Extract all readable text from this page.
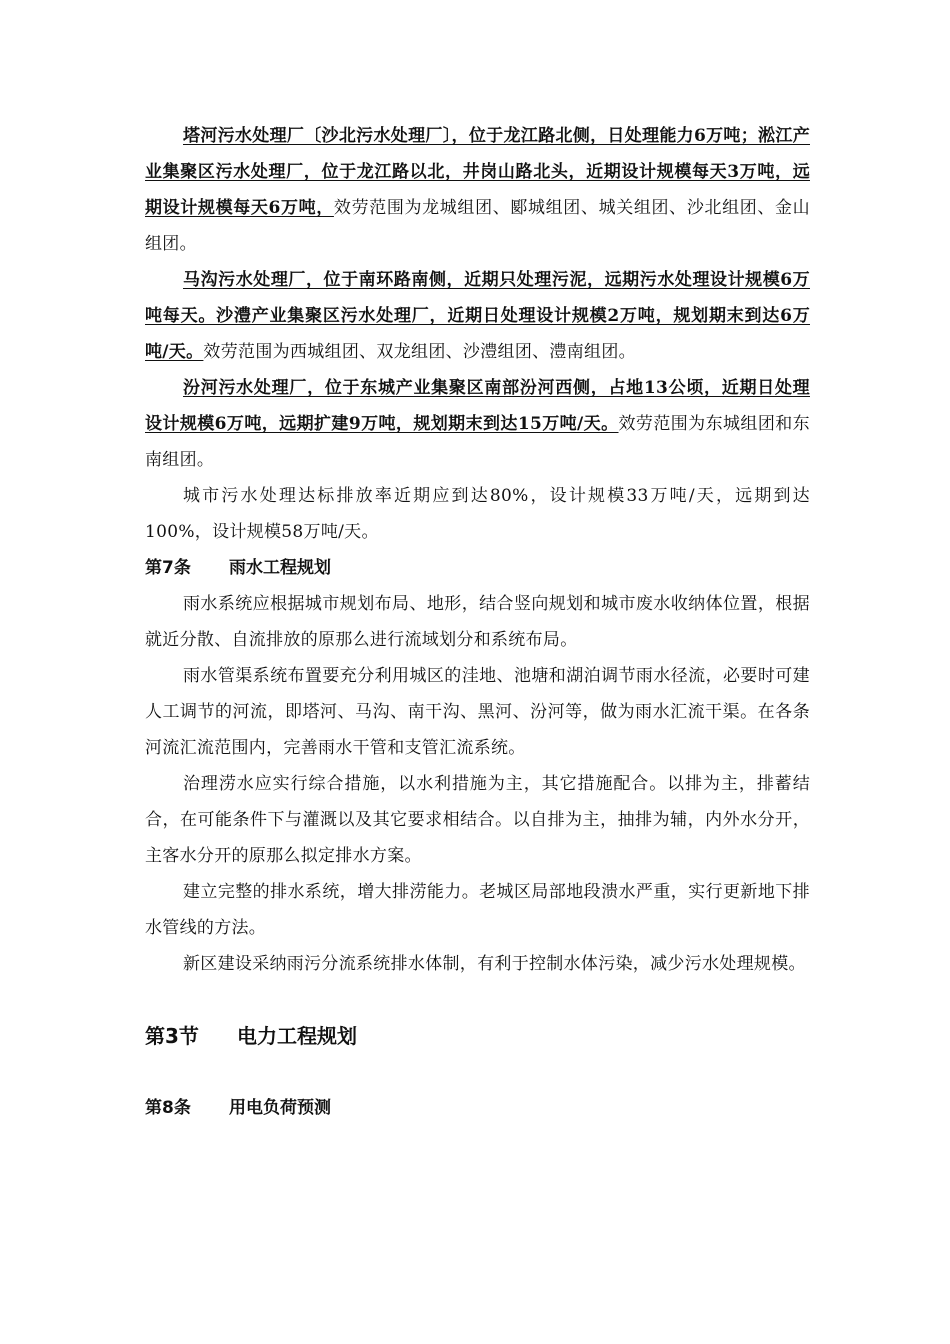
塔河污水处理厂〔沙北污水处理厂〕，位于龙江路北侧，日处理能力6万吨；淞江产业集聚区污水处理厂，位于龙江路以北，井岗山路北头，近期设计规模每天3万吨，远期设计规模每天6万吨，效劳范围为龙城组团、郾城组团、城关组团、沙北组团、金山组团。

马沟污水处理厂，位于南环路南侧，近期只处理污泥，远期污水处理设计规模6万吨每天。沙澧产业集聚区污水处理厂，近期日处理设计规模2万吨，规划期末到达6万吨/天。效劳范围为西城组团、双龙组团、沙澧组团、澧南组团。

汾河污水处理厂，位于东城产业集聚区南部汾河西侧，占地13公顷，近期日处理设计规模6万吨，远期扩建9万吨，规划期末到达15万吨/天。效劳范围为东城组团和东南组团。

城市污水处理达标排放率近期应到达80%，设计规模33万吨/天，远期到达100%，设计规模58万吨/天。

第7条 雨水工程规划

雨水系统应根据城市规划布局、地形，结合竖向规划和城市废水收纳体位置，根据就近分散、自流排放的原那么进行流域划分和系统布局。

雨水管渠系统布置要充分利用城区的洼地、池塘和湖泊调节雨水径流，必要时可建人工调节的河流，即塔河、马沟、南干沟、黑河、汾河等，做为雨水汇流干渠。在各条河流汇流范围内，完善雨水干管和支管汇流系统。

治理涝水应实行综合措施，以水利措施为主，其它措施配合。以排为主，排蓄结合，在可能条件下与灌溉以及其它要求相结合。以自排为主，抽排为辅，内外水分开，主客水分开的原那么拟定排水方案。

建立完整的排水系统，增大排涝能力。老城区局部地段溃水严重，实行更新地下排水管线的方法。

新区建设采纳雨污分流系统排水体制，有利于控制水体污染，减少污水处理规模。

第3节 电力工程规划

第8条 用电负荷预测
